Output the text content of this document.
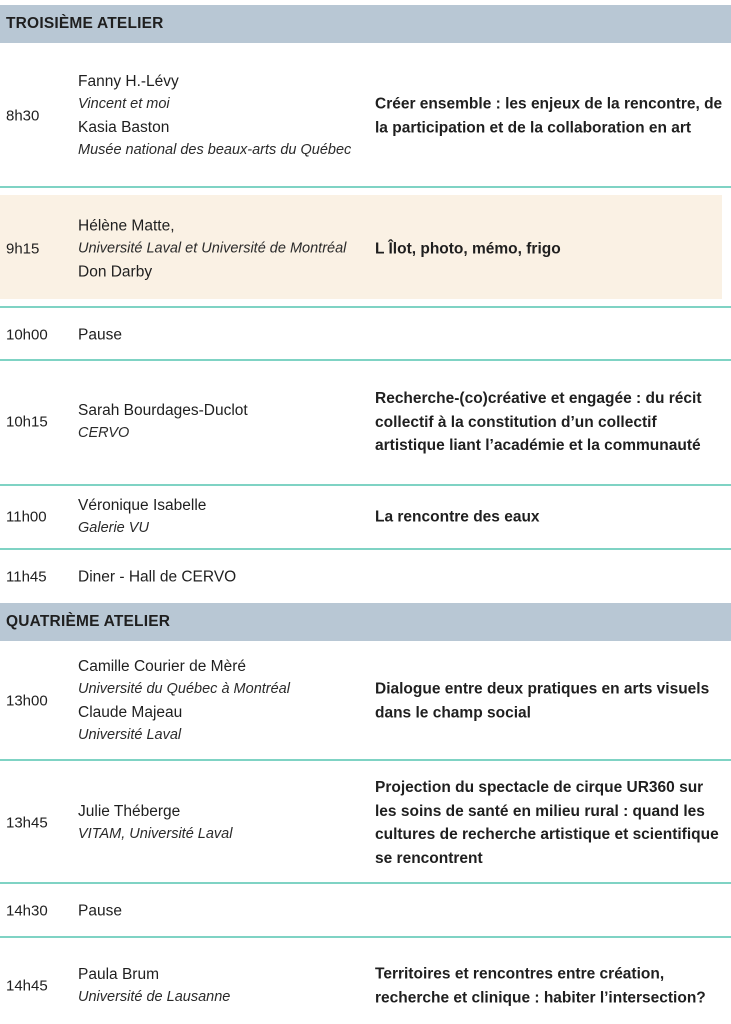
TROISIÈME ATELIER
QUATRIÈME ATELIER
8h30
Fanny H.-Lévy
Vincent et moi
Kasia Baston
Musée national des beaux-arts du Québec
Créer ensemble : les enjeux de la rencontre, de la participation et de la collaboration en art
9h15
Hélène Matte,
Université Laval et Université de Montréal
Don Darby
L Îlot, photo, mémo, frigo
10h00 Pause
10h15
Sarah Bourdages-Duclot
CERVO
Recherche-(co)créative et engagée : du récit collectif à la constitution d’un collectif artistique liant l’académie et la communauté
11h00
Véronique Isabelle
Galerie VU
La rencontre des eaux
11h45 Diner - Hall de CERVO
13h00
Camille Courier de Mèré
Université du Québec à Montréal
Claude Majeau
Université Laval
Dialogue entre deux pratiques en arts visuels dans le champ social
13h45
Julie Théberge
VITAM, Université Laval
Projection du spectacle de cirque UR360 sur les soins de santé en milieu rural : quand les cultures de recherche artistique et scientifique se rencontrent
14h30 Pause
14h45
Paula Brum
Université de Lausanne
Territoires et rencontres entre création, recherche et clinique : habiter l’intersection?
